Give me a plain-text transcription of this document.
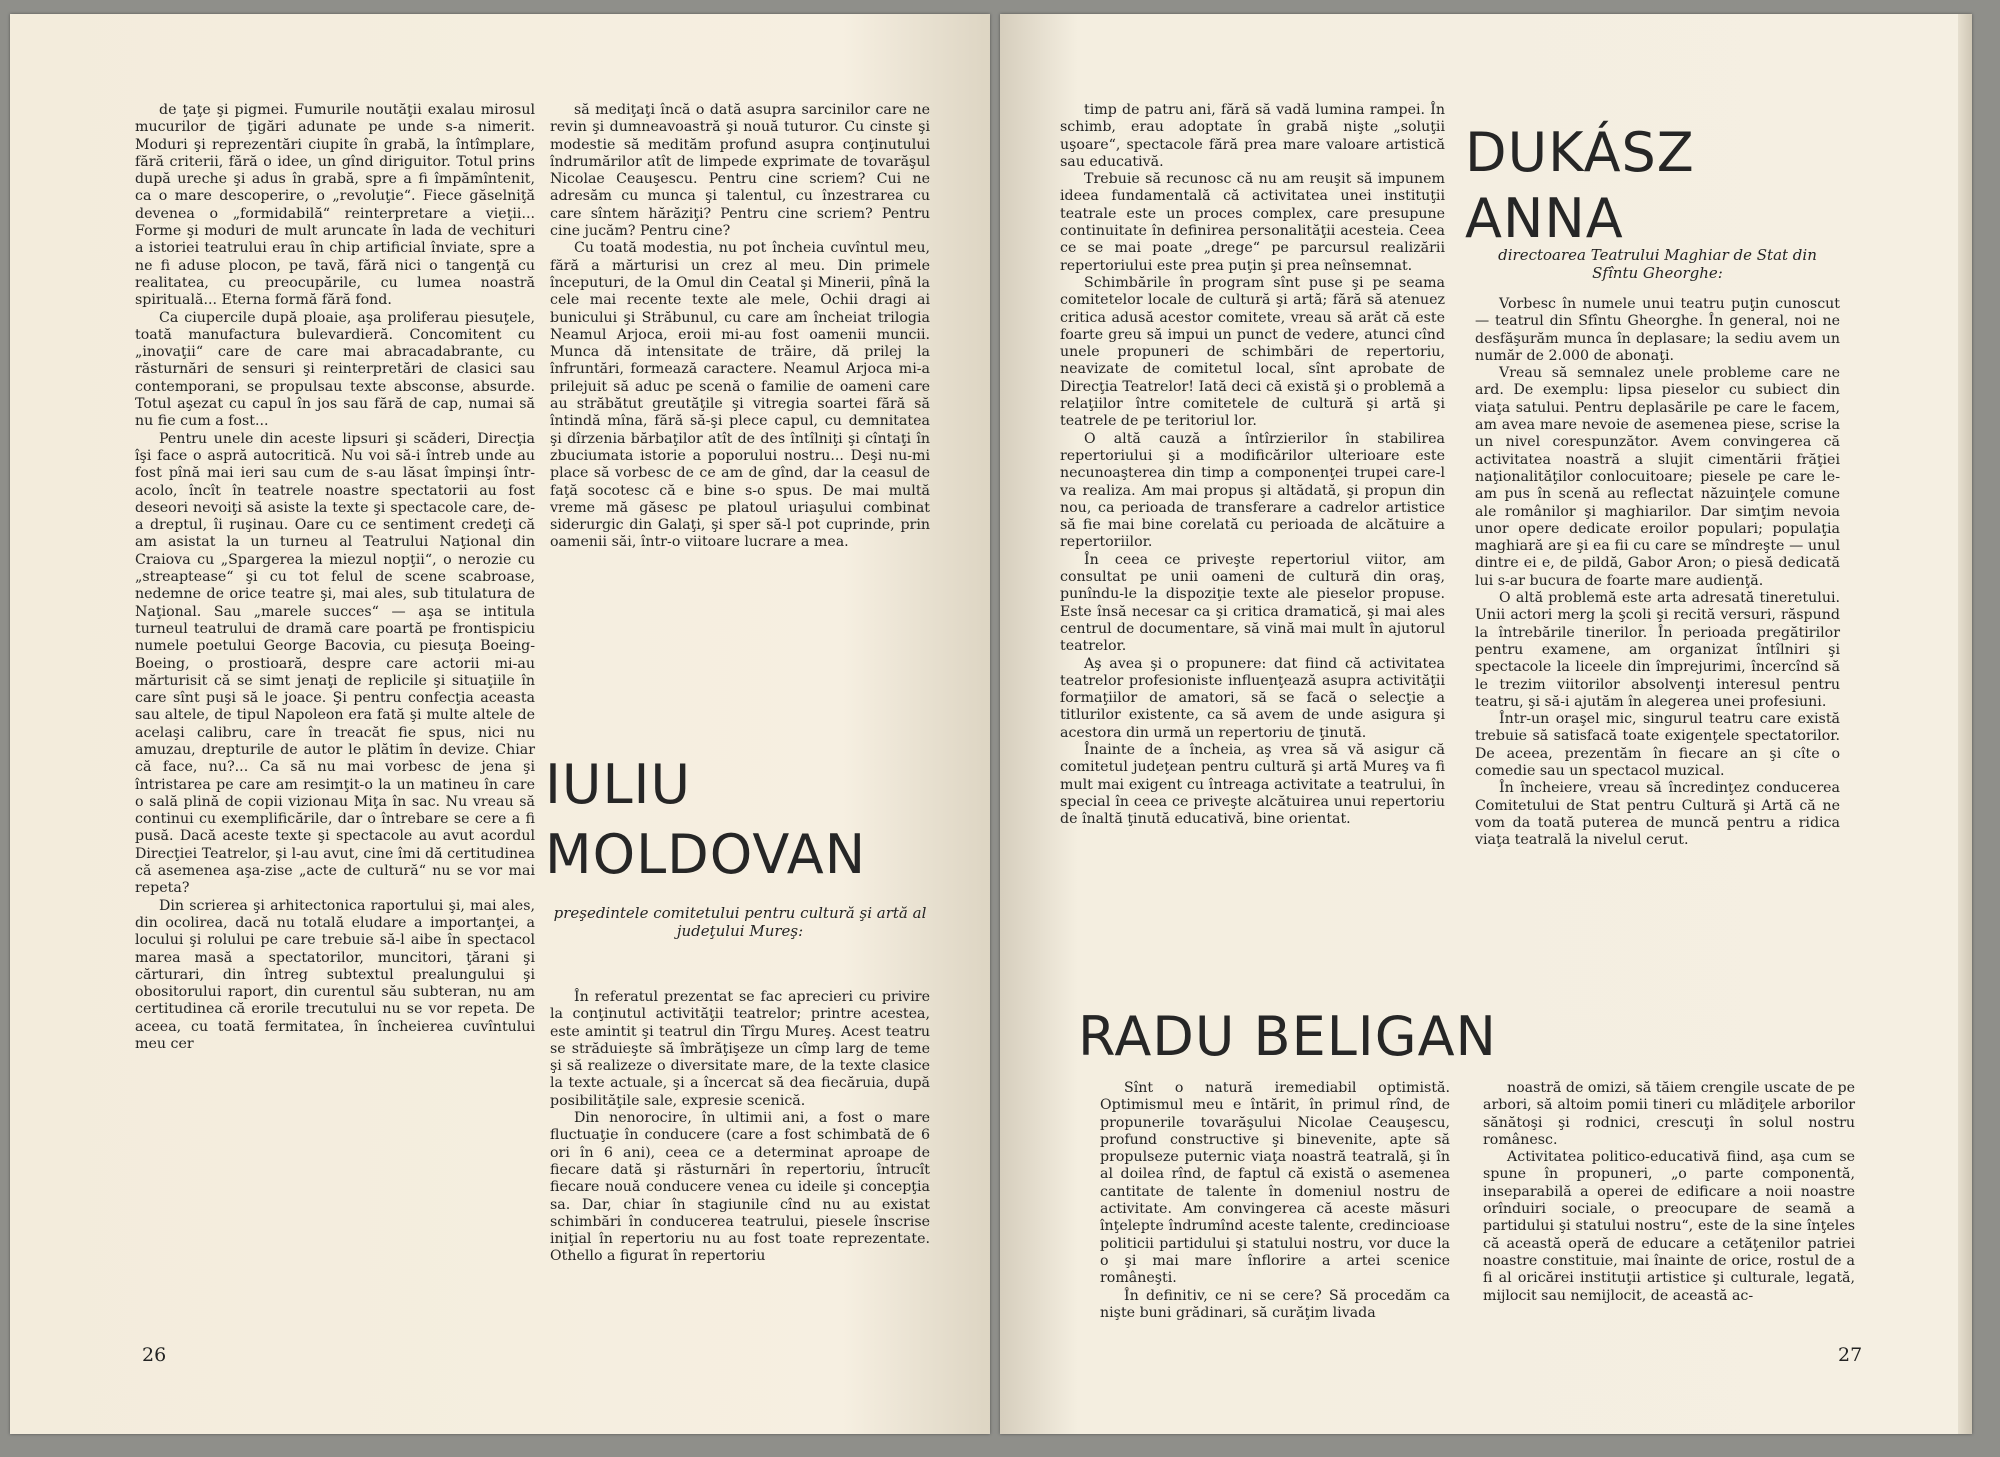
de ţaţe şi pigmei. Fumurile noutăţii exalau mirosul mucurilor de ţigări adunate pe unde s-a nimerit. Moduri şi reprezentări ciupite în grabă, la întîmplare, fără criterii, fără o idee, un gînd diriguitor. Totul prins după ureche şi adus în grabă, spre a fi împămîntenit, ca o mare descoperire, o „revoluţie“. Fiece găselniţă devenea o „formidabilă“ reinterpretare a vieţii... Forme şi moduri de mult aruncate în lada de vechituri a istoriei teatrului erau în chip artificial înviate, spre a ne fi aduse plocon, pe tavă, fără nici o tangenţă cu realitatea, cu preocupările, cu lumea noastră spirituală... Eterna formă fără fond.

Ca ciupercile după ploaie, aşa proliferau piesuţele, toată manufactura bulevardieră. Concomitent cu „inovaţii“ care de care mai abracadabrante, cu răsturnări de sensuri şi reinterpretări de clasici sau contemporani, se propulsau texte absconse, absurde. Totul aşezat cu capul în jos sau fără de cap, numai să nu fie cum a fost...

Pentru unele din aceste lipsuri şi scăderi, Direcţia îşi face o aspră autocritică. Nu voi să-i întreb unde au fost pînă mai ieri sau cum de s-au lăsat împinşi într-acolo, încît în teatrele noastre spectatorii au fost deseori nevoiţi să asiste la texte şi spectacole care, de-a dreptul, îi ruşinau. Oare cu ce sentiment credeţi că am asistat la un turneu al Teatrului Naţional din Craiova cu „Spargerea la miezul nopţii“, o nerozie cu „streaptease“ şi cu tot felul de scene scabroase, nedemne de orice teatre şi, mai ales, sub titulatura de Naţional. Sau „marele succes“ — aşa se intitula turneul teatrului de dramă care poartă pe frontispiciu numele poetului George Bacovia, cu piesuţa Boeing-Boeing, o prostioară, despre care actorii mi-au mărturisit că se simt jenaţi de replicile şi situaţiile în care sînt puşi să le joace. Şi pentru confecţia aceasta sau altele, de tipul Napoleon era fată şi multe altele de acelaşi calibru, care în treacăt fie spus, nici nu amuzau, drepturile de autor le plătim în devize. Chiar că face, nu?... Ca să nu mai vorbesc de jena şi întristarea pe care am resimţit-o la un matineu în care o sală plină de copii vizionau Miţa în sac. Nu vreau să continui cu exemplificările, dar o întrebare se cere a fi pusă. Dacă aceste texte şi spectacole au avut acordul Direcţiei Teatrelor, şi l-au avut, cine îmi dă certitudinea că asemenea aşa-zise „acte de cultură“ nu se vor mai repeta?

Din scrierea şi arhitectonica raportului şi, mai ales, din ocolirea, dacă nu totală eludare a importanţei, a locului şi rolului pe care trebuie să-l aibe în spectacol marea masă a spectatorilor, muncitori, ţărani şi cărturari, din întreg subtextul prealungului şi obositorului raport, din curentul său subteran, nu am certitudinea că erorile trecutului nu se vor repeta. De aceea, cu toată fermitatea, în încheierea cuvîntului meu cer

să mediţaţi încă o dată asupra sarcinilor care ne revin şi dumneavoastră şi nouă tuturor. Cu cinste şi modestie să medităm profund asupra conţinutului îndrumărilor atît de limpede exprimate de tovarăşul Nicolae Ceauşescu. Pentru cine scriem? Cui ne adresăm cu munca şi talentul, cu înzestrarea cu care sîntem hărăziţi? Pentru cine scriem? Pentru cine jucăm? Pentru cine?

Cu toată modestia, nu pot încheia cuvîntul meu, fără a mărturisi un crez al meu. Din primele începuturi, de la Omul din Ceatal şi Minerii, pînă la cele mai recente texte ale mele, Ochii dragi ai bunicului şi Străbunul, cu care am încheiat trilogia Neamul Arjoca, eroii mi-au fost oamenii muncii. Munca dă intensitate de trăire, dă prilej la înfruntări, formează caractere. Neamul Arjoca mi-a prilejuit să aduc pe scenă o familie de oameni care au străbătut greutăţile şi vitregia soartei fără să întindă mîna, fără să-şi plece capul, cu demnitatea şi dîrzenia bărbaţilor atît de des întîlniţi şi cîntaţi în zbuciumata istorie a poporului nostru... Deşi nu-mi place să vorbesc de ce am de gînd, dar la ceasul de faţă socotesc că e bine s-o spus. De mai multă vreme mă găsesc pe platoul uriaşului combinat siderurgic din Galaţi, şi sper să-l pot cuprinde, prin oamenii săi, într-o viitoare lucrare a mea.

IULIU
MOLDOVAN

preşedintele comitetului pentru cultură şi artă al judeţului Mureş:

În referatul prezentat se fac aprecieri cu privire la conţinutul activităţii teatrelor; printre acestea, este amintit şi teatrul din Tîrgu Mureş. Acest teatru se străduieşte să îmbrăţişeze un cîmp larg de teme şi să realizeze o diversitate mare, de la texte clasice la texte actuale, şi a încercat să dea fiecăruia, după posibilităţile sale, expresie scenică.

Din nenorocire, în ultimii ani, a fost o mare fluctuaţie în conducere (care a fost schimbată de 6 ori în 6 ani), ceea ce a determinat aproape de fiecare dată şi răsturnări în repertoriu, întrucît fiecare nouă conducere venea cu ideile şi concepţia sa. Dar, chiar în stagiunile cînd nu au existat schimbări în conducerea teatrului, piesele înscrise iniţial în repertoriu nu au fost toate reprezentate. Othello a figurat în repertoriu

26

timp de patru ani, fără să vadă lumina rampei. În schimb, erau adoptate în grabă nişte „soluţii uşoare“, spectacole fără prea mare valoare artistică sau educativă.

Trebuie să recunosc că nu am reuşit să impunem ideea fundamentală că activitatea unei instituţii teatrale este un proces complex, care presupune continuitate în definirea personalităţii acesteia. Ceea ce se mai poate „drege“ pe parcursul realizării repertoriului este prea puţin şi prea neînsemnat.

Schimbările în program sînt puse şi pe seama comitetelor locale de cultură şi artă; fără să atenuez critica adusă acestor comitete, vreau să arăt că este foarte greu să impui un punct de vedere, atunci cînd unele propuneri de schimbări de repertoriu, neavizate de comitetul local, sînt aprobate de Direcţia Teatrelor! Iată deci că există şi o problemă a relaţiilor între comitetele de cultură şi artă şi teatrele de pe teritoriul lor.

O altă cauză a întîrzierilor în stabilirea repertoriului şi a modificărilor ulterioare este necunoaşterea din timp a componenţei trupei care-l va realiza. Am mai propus şi altădată, şi propun din nou, ca perioada de transferare a cadrelor artistice să fie mai bine corelată cu perioada de alcătuire a repertoriilor.

În ceea ce priveşte repertoriul viitor, am consultat pe unii oameni de cultură din oraş, punîndu-le la dispoziţie texte ale pieselor propuse. Este însă necesar ca şi critica dramatică, şi mai ales centrul de documentare, să vină mai mult în ajutorul teatrelor.

Aş avea şi o propunere: dat fiind că activitatea teatrelor profesioniste influenţează asupra activităţii formaţiilor de amatori, să se facă o selecţie a titlurilor existente, ca să avem de unde asigura şi acestora din urmă un repertoriu de ţinută.

Înainte de a încheia, aş vrea să vă asigur că comitetul judeţean pentru cultură şi artă Mureş va fi mult mai exigent cu întreaga activitate a teatrului, în special în ceea ce priveşte alcătuirea unui repertoriu de înaltă ţinută educativă, bine orientat.

DUKÁSZ
ANNA

directoarea Teatrului Maghiar de Stat din Sfîntu Gheorghe:

Vorbesc în numele unui teatru puţin cunoscut — teatrul din Sfîntu Gheorghe. În general, noi ne desfăşurăm munca în deplasare; la sediu avem un număr de 2.000 de abonaţi.

Vreau să semnalez unele probleme care ne ard. De exemplu: lipsa pieselor cu subiect din viaţa satului. Pentru deplasările pe care le facem, am avea mare nevoie de asemenea piese, scrise la un nivel corespunzător. Avem convingerea că activitatea noastră a slujit cimentării frăţiei naţionalităţilor conlocuitoare; piesele pe care le-am pus în scenă au reflectat năzuinţele comune ale românilor şi maghiarilor. Dar simţim nevoia unor opere dedicate eroilor populari; populaţia maghiară are şi ea fii cu care se mîndreşte — unul dintre ei e, de pildă, Gabor Aron; o piesă dedicată lui s-ar bucura de foarte mare audienţă.

O altă problemă este arta adresată tineretului. Unii actori merg la şcoli şi recită versuri, răspund la întrebările tinerilor. În perioada pregătirilor pentru examene, am organizat întîlniri şi spectacole la liceele din împrejurimi, încercînd să le trezim viitorilor absolvenţi interesul pentru teatru, şi să-i ajutăm în alegerea unei profesiuni.

Într-un oraşel mic, singurul teatru care există trebuie să satisfacă toate exigenţele spectatorilor. De aceea, prezentăm în fiecare an şi cîte o comedie sau un spectacol muzical.

În încheiere, vreau să încredinţez conducerea Comitetului de Stat pentru Cultură şi Artă că ne vom da toată puterea de muncă pentru a ridica viaţa teatrală la nivelul cerut.

RADU BELIGAN

Sînt o natură iremediabil optimistă. Optimismul meu e întărit, în primul rînd, de propunerile tovarăşului Nicolae Ceauşescu, profund constructive şi binevenite, apte să propulseze puternic viaţa noastră teatrală, şi în al doilea rînd, de faptul că există o asemenea cantitate de talente în domeniul nostru de activitate. Am convingerea că aceste măsuri înţelepte îndrumînd aceste talente, credincioase politicii partidului şi statului nostru, vor duce la o şi mai mare înflorire a artei scenice româneşti.

În definitiv, ce ni se cere? Să procedăm ca nişte buni grădinari, să curăţim livada

noastră de omizi, să tăiem crengile uscate de pe arbori, să altoim pomii tineri cu mlădiţele arborilor sănătoşi şi rodnici, crescuţi în solul nostru românesc.

Activitatea politico-educativă fiind, aşa cum se spune în propuneri, „o parte componentă, inseparabilă a operei de edificare a noii noastre orînduiri sociale, o preocupare de seamă a partidului şi statului nostru“, este de la sine înţeles că această operă de educare a cetăţenilor patriei noastre constituie, mai înainte de orice, rostul de a fi al oricărei instituţii artistice şi culturale, legată, mijlocit sau nemijlocit, de această ac-

27
